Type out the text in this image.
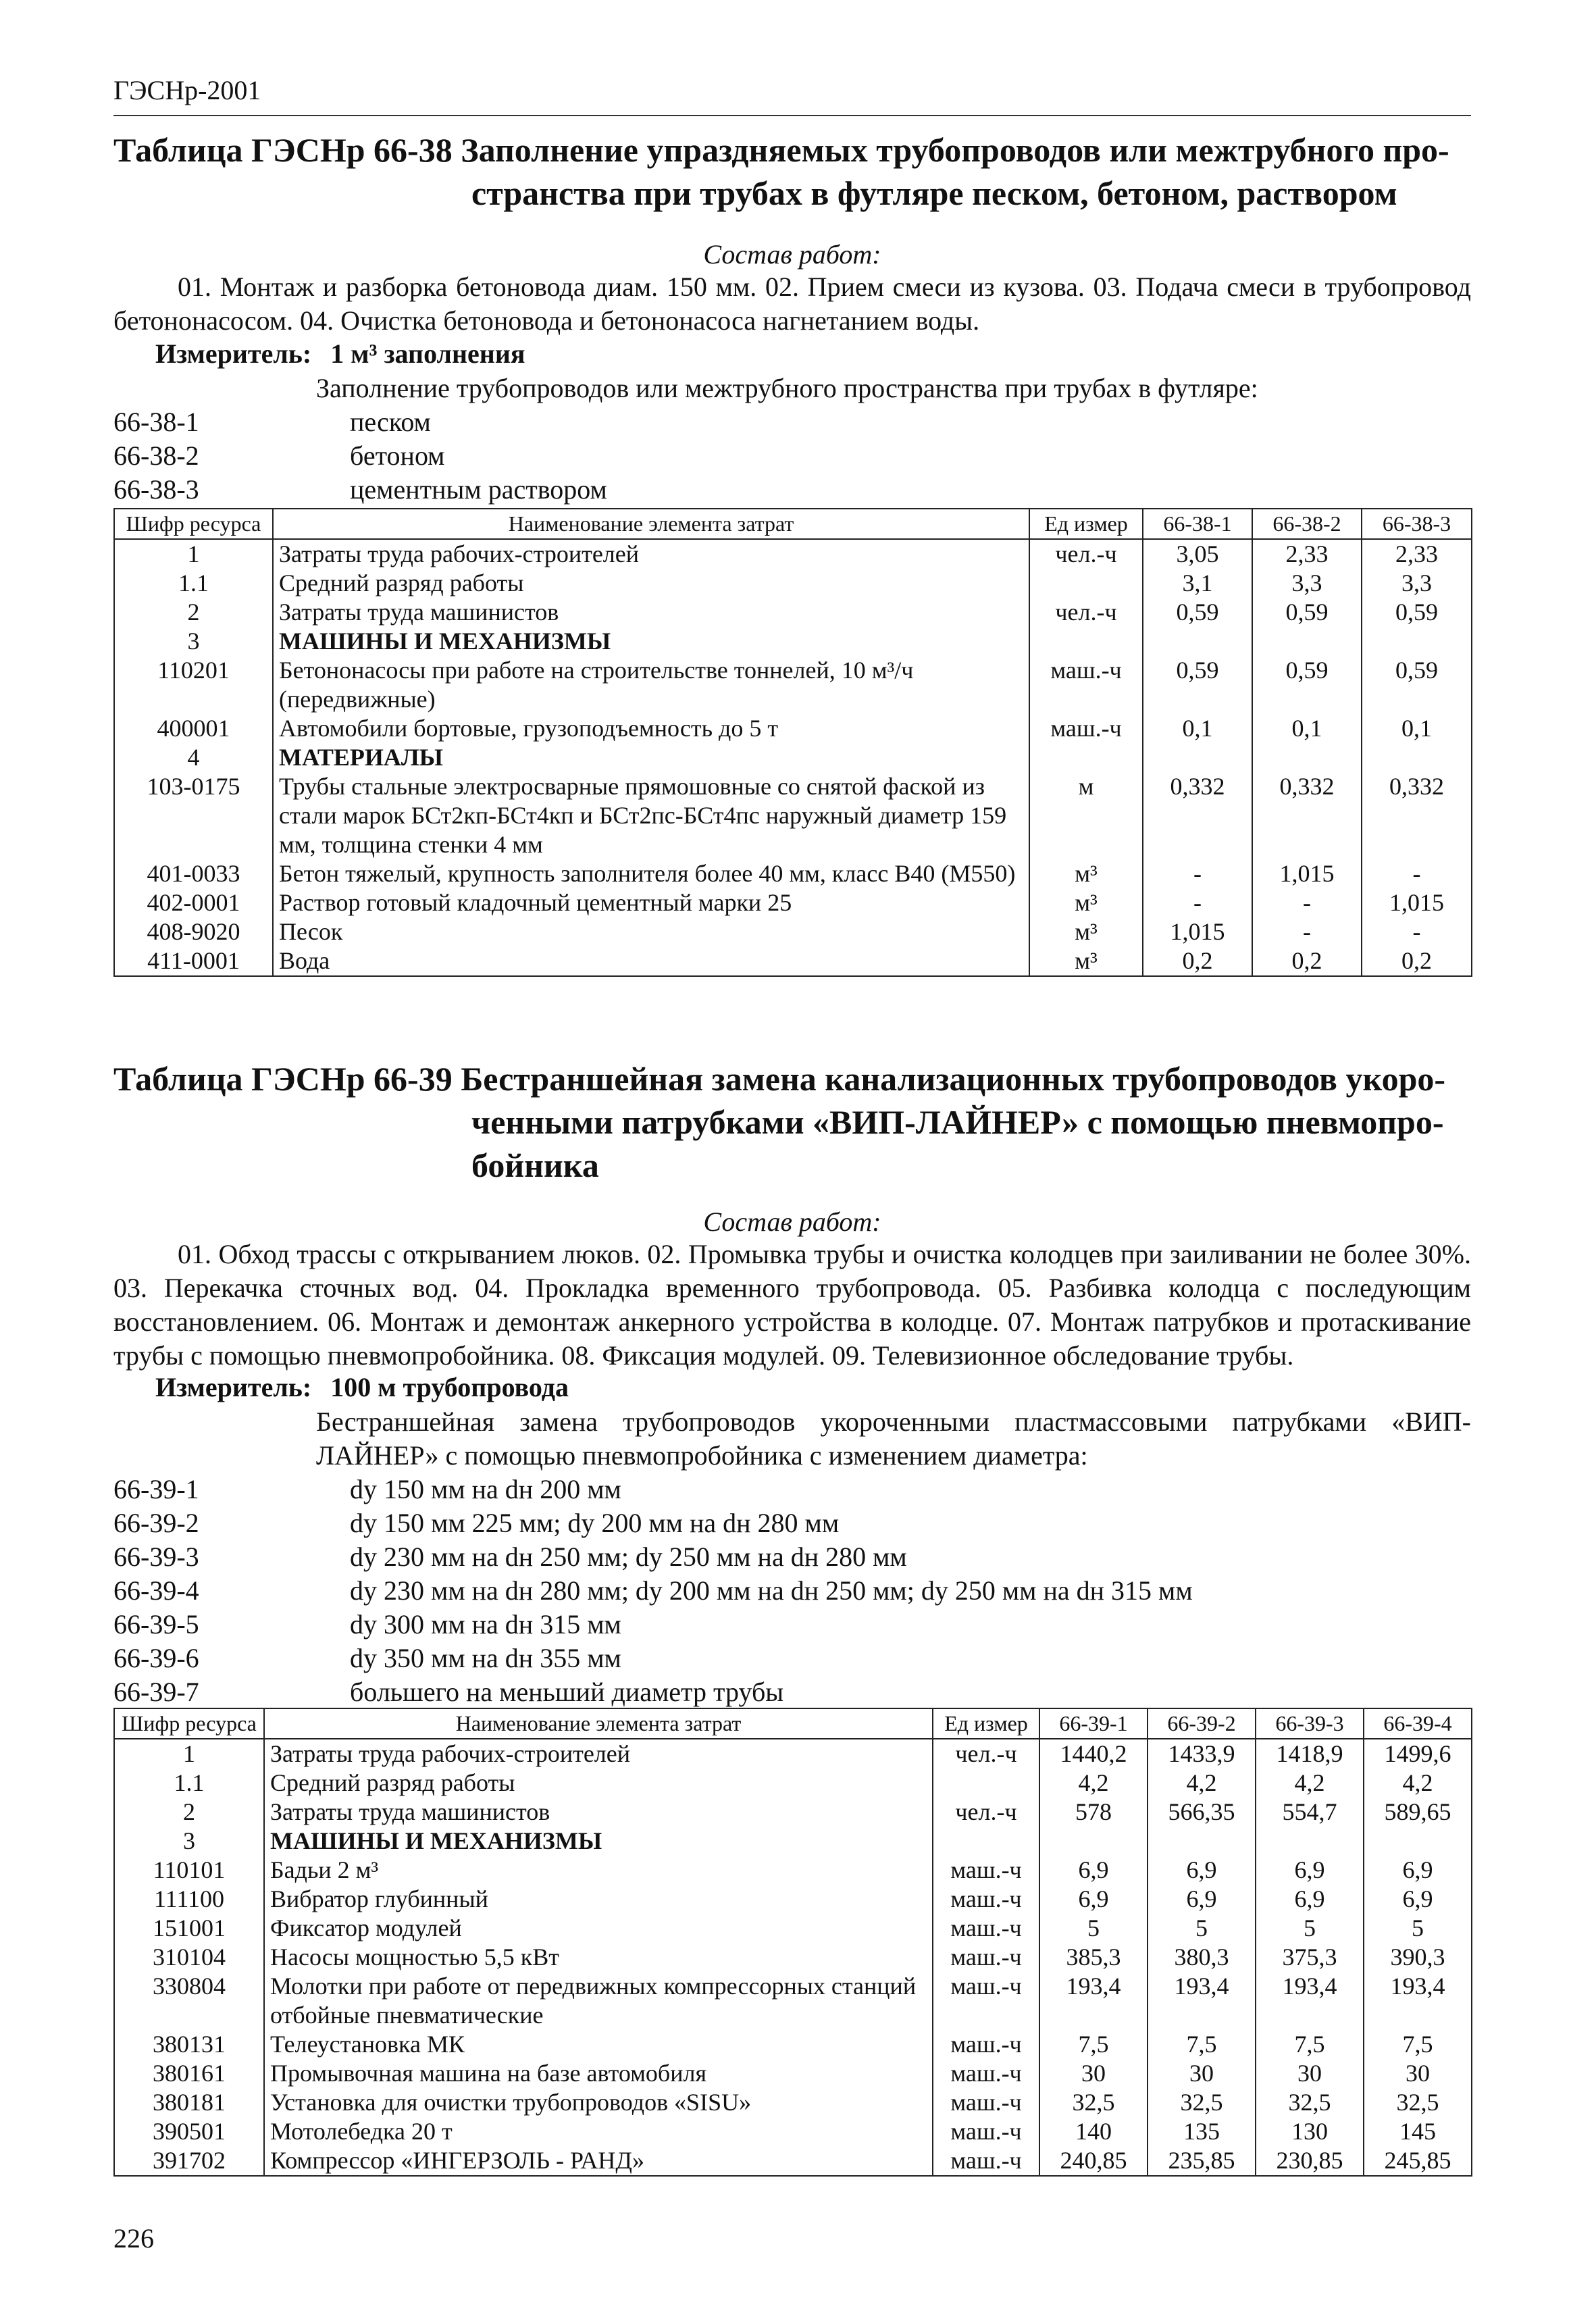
ГЭСНр-2001
Таблица ГЭСНр 66-38 Заполнение упраздняемых трубопроводов или межтрубного про-
странства при трубах в футляре песком, бетоном, раствором
Состав работ:
01. Монтаж и разборка бетоновода диам. 150 мм. 02. Прием смеси из кузова. 03. Подача смеси в трубопровод бетононасосом. 04. Очистка бетоновода и бетононасоса нагнетанием воды.
Измеритель: 1 м³ заполнения
Заполнение трубопроводов или межтрубного пространства при трубах в футляре:
66-38-1	песком
66-38-2	бетоном
66-38-3	цементным раствором
Шифр ресурса	Наименование элемента затрат	Ед измер	66-38-1	66-38-2	66-38-3
1	Затраты труда рабочих-строителей	чел.-ч	3,05	2,33	2,33
1.1	Средний разряд работы		3,1	3,3	3,3
2	Затраты труда машинистов	чел.-ч	0,59	0,59	0,59
3	МАШИНЫ И МЕХАНИЗМЫ				
110201	Бетононасосы при работе на строительстве тоннелей, 10 м³/ч (передвижные)	маш.-ч	0,59	0,59	0,59
400001	Автомобили бортовые, грузоподъемность до 5 т	маш.-ч	0,1	0,1	0,1
4	МАТЕРИАЛЫ				
103-0175	Трубы стальные электросварные прямошовные со снятой фаской из стали марок БСт2кп-БСт4кп и БСт2пс-БСт4пс наружный диаметр 159 мм, толщина стенки 4 мм	м	0,332	0,332	0,332
401-0033	Бетон тяжелый, крупность заполнителя более 40 мм, класс В40 (М550)	м³	-	1,015	-
402-0001	Раствор готовый кладочный цементный марки 25	м³	-	-	1,015
408-9020	Песок	м³	1,015	-	-
411-0001	Вода	м³	0,2	0,2	0,2
Таблица ГЭСНр 66-39 Бестраншейная замена канализационных трубопроводов укоро-
ченными патрубками «ВИП-ЛАЙНЕР» с помощью пневмопро-
бойника
Состав работ:
01. Обход трассы с открыванием люков. 02. Промывка трубы и очистка колодцев при заиливании не более 30%. 03. Перекачка сточных вод. 04. Прокладка временного трубопровода. 05. Разбивка колодца с последующим восстановлением. 06. Монтаж и демонтаж анкерного устройства в колодце. 07. Монтаж патрубков и протаскивание трубы с помощью пневмопробойника. 08. Фиксация модулей. 09. Телевизионное обследование трубы.
Измеритель: 100 м трубопровода
Бестраншейная замена трубопроводов укороченными пластмассовыми патрубками «ВИП-ЛАЙНЕР» с помощью пневмопробойника с изменением диаметра:
66-39-1	dy 150 мм на dн 200 мм
66-39-2	dy 150 мм 225 мм; dy 200 мм на dн 280 мм
66-39-3	dy 230 мм на dн 250 мм; dy 250 мм на dн 280 мм
66-39-4	dy 230 мм на dн 280 мм; dy 200 мм на dн 250 мм; dy 250 мм на dн 315 мм
66-39-5	dy 300 мм на dн 315 мм
66-39-6	dy 350 мм на dн 355 мм
66-39-7	большего на меньший диаметр трубы
Шифр ресурса	Наименование элемента затрат	Ед измер	66-39-1	66-39-2	66-39-3	66-39-4
1	Затраты труда рабочих-строителей	чел.-ч	1440,2	1433,9	1418,9	1499,6
1.1	Средний разряд работы		4,2	4,2	4,2	4,2
2	Затраты труда машинистов	чел.-ч	578	566,35	554,7	589,65
3	МАШИНЫ И МЕХАНИЗМЫ					
110101	Бадьи 2 м³	маш.-ч	6,9	6,9	6,9	6,9
111100	Вибратор глубинный	маш.-ч	6,9	6,9	6,9	6,9
151001	Фиксатор модулей	маш.-ч	5	5	5	5
310104	Насосы мощностью 5,5 кВт	маш.-ч	385,3	380,3	375,3	390,3
330804	Молотки при работе от передвижных компрессорных станций отбойные пневматические	маш.-ч	193,4	193,4	193,4	193,4
380131	Телеустановка МК	маш.-ч	7,5	7,5	7,5	7,5
380161	Промывочная машина на базе автомобиля	маш.-ч	30	30	30	30
380181	Установка для очистки трубопроводов «SISU»	маш.-ч	32,5	32,5	32,5	32,5
390501	Мотолебедка 20 т	маш.-ч	140	135	130	145
391702	Компрессор «ИНГЕРЗОЛЬ - РАНД»	маш.-ч	240,85	235,85	230,85	245,85
226
